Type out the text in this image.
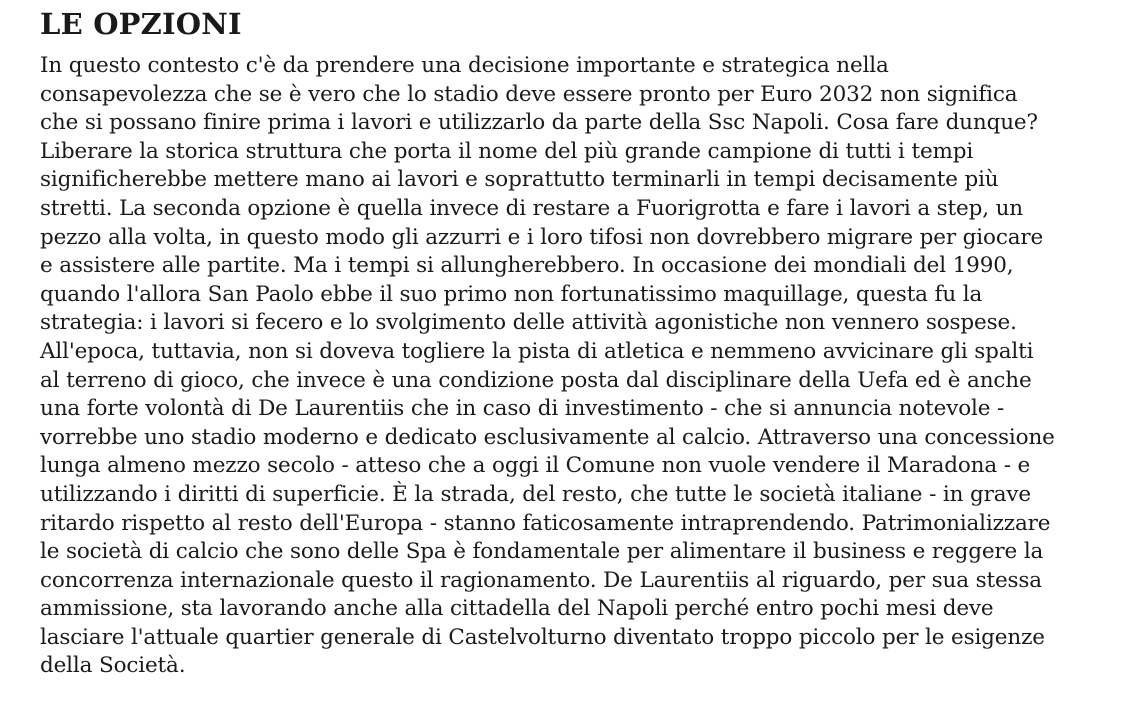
LE OPZIONI

In questo contesto c'è da prendere una decisione importante e strategica nella consapevolezza che se è vero che lo stadio deve essere pronto per Euro 2032 non significa che si possano finire prima i lavori e utilizzarlo da parte della Ssc Napoli. Cosa fare dunque? Liberare la storica struttura che porta il nome del più grande campione di tutti i tempi significherebbe mettere mano ai lavori e soprattutto terminarli in tempi decisamente più stretti. La seconda opzione è quella invece di restare a Fuorigrotta e fare i lavori a step, un pezzo alla volta, in questo modo gli azzurri e i loro tifosi non dovrebbero migrare per giocare e assistere alle partite. Ma i tempi si allungherebbero. In occasione dei mondiali del 1990, quando l'allora San Paolo ebbe il suo primo non fortunatissimo maquillage, questa fu la strategia: i lavori si fecero e lo svolgimento delle attività agonistiche non vennero sospese. All'epoca, tuttavia, non si doveva togliere la pista di atletica e nemmeno avvicinare gli spalti al terreno di gioco, che invece è una condizione posta dal disciplinare della Uefa ed è anche una forte volontà di De Laurentiis che in caso di investimento - che si annuncia notevole - vorrebbe uno stadio moderno e dedicato esclusivamente al calcio. Attraverso una concessione lunga almeno mezzo secolo - atteso che a oggi il Comune non vuole vendere il Maradona - e utilizzando i diritti di superficie. È la strada, del resto, che tutte le società italiane - in grave ritardo rispetto al resto dell'Europa - stanno faticosamente intraprendendo. Patrimonializzare le società di calcio che sono delle Spa è fondamentale per alimentare il business e reggere la concorrenza internazionale questo il ragionamento. De Laurentiis al riguardo, per sua stessa ammissione, sta lavorando anche alla cittadella del Napoli perché entro pochi mesi deve lasciare l'attuale quartier generale di Castelvolturno diventato troppo piccolo per le esigenze della Società.
